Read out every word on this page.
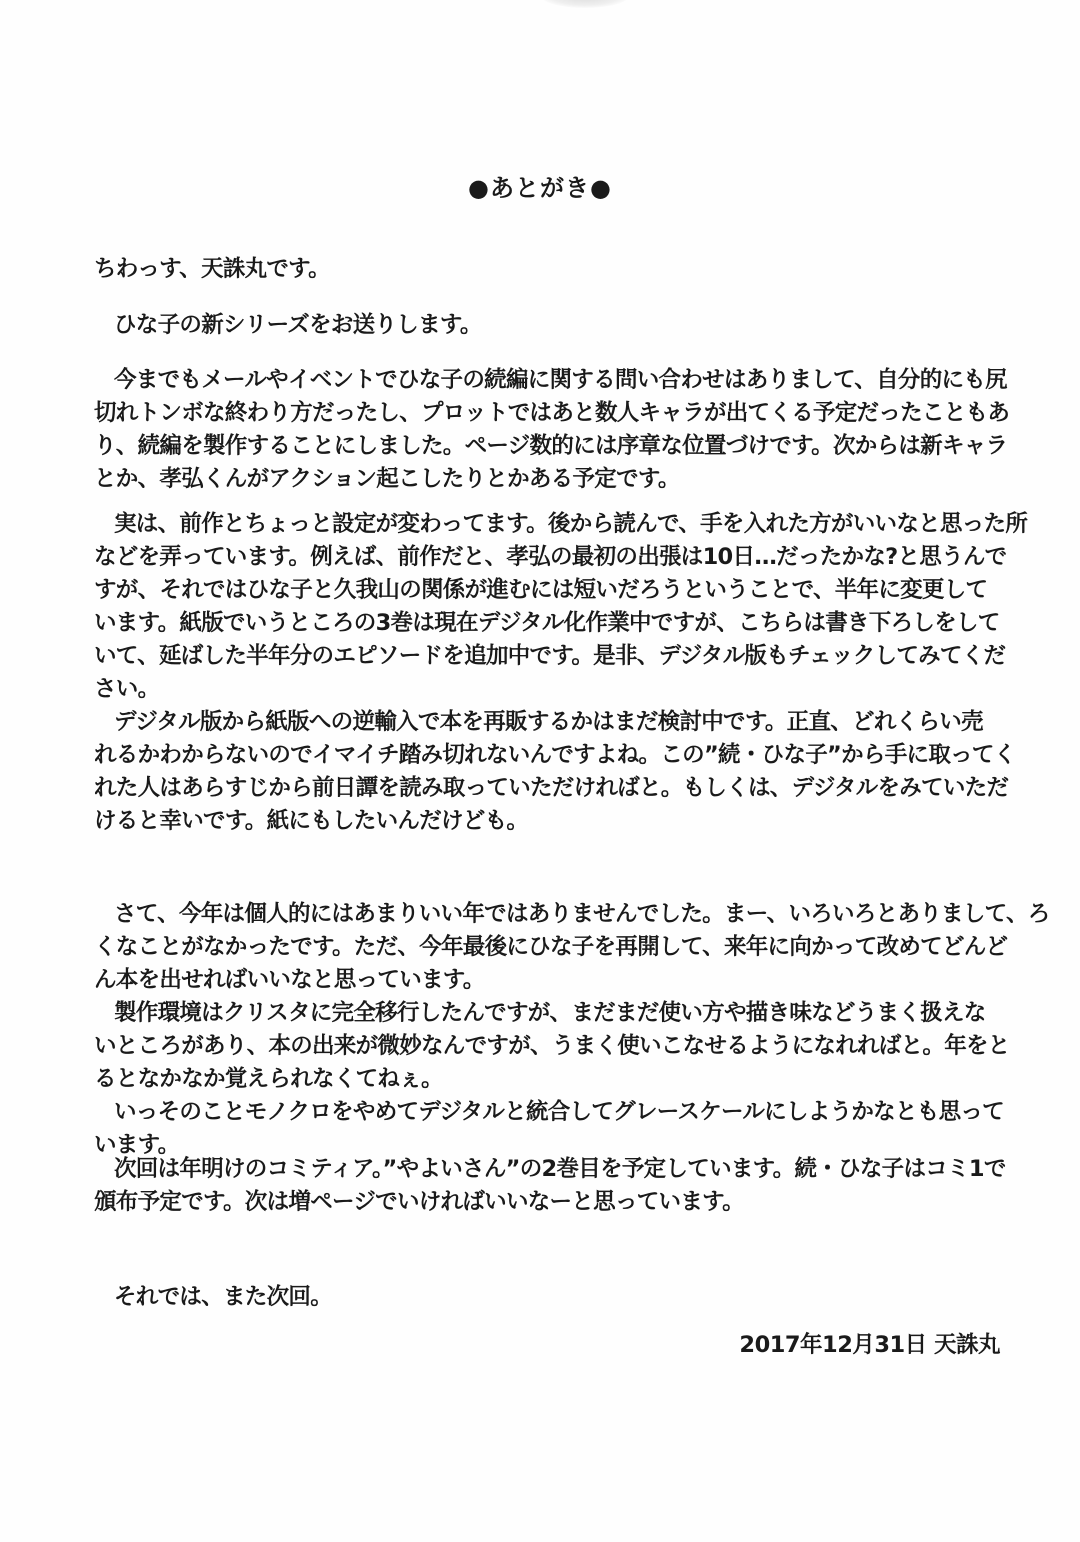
●あとがき●
ちわっす、天誅丸です。
ひな子の新シリーズをお送りします。
今までもメールやイベントでひな子の続編に関する問い合わせはありまして、自分的にも尻
切れトンボな終わり方だったし、プロットではあと数人キャラが出てくる予定だったこともあ
り、続編を製作することにしました。ページ数的には序章な位置づけです。次からは新キャラ
とか、孝弘くんがアクション起こしたりとかある予定です。
実は、前作とちょっと設定が変わってます。後から読んで、手を入れた方がいいなと思った所
などを弄っています。例えば、前作だと、孝弘の最初の出張は10日…だったかな?と思うんで
すが、それではひな子と久我山の関係が進むには短いだろうということで、半年に変更して
います。紙版でいうところの3巻は現在デジタル化作業中ですが、こちらは書き下ろしをして
いて、延ばした半年分のエピソードを追加中です。是非、デジタル版もチェックしてみてくだ
さい。
デジタル版から紙版への逆輸入で本を再販するかはまだ検討中です。正直、どれくらい売
れるかわからないのでイマイチ踏み切れないんですよね。この”続・ひな子”から手に取ってく
れた人はあらすじから前日譚を読み取っていただければと。もしくは、デジタルをみていただ
けると幸いです。紙にもしたいんだけども。
さて、今年は個人的にはあまりいい年ではありませんでした。まー、いろいろとありまして、ろ
くなことがなかったです。ただ、今年最後にひな子を再開して、来年に向かって改めてどんど
ん本を出せればいいなと思っています。
製作環境はクリスタに完全移行したんですが、まだまだ使い方や描き味などうまく扱えな
いところがあり、本の出来が微妙なんですが、うまく使いこなせるようになれればと。年をと
るとなかなか覚えられなくてねぇ。
いっそのことモノクロをやめてデジタルと統合してグレースケールにしようかなとも思って
います。
次回は年明けのコミティア。”やよいさん”の2巻目を予定しています。続・ひな子はコミ1で
頒布予定です。次は増ページでいければいいなーと思っています。
それでは、また次回。
2017年12月31日 天誅丸
